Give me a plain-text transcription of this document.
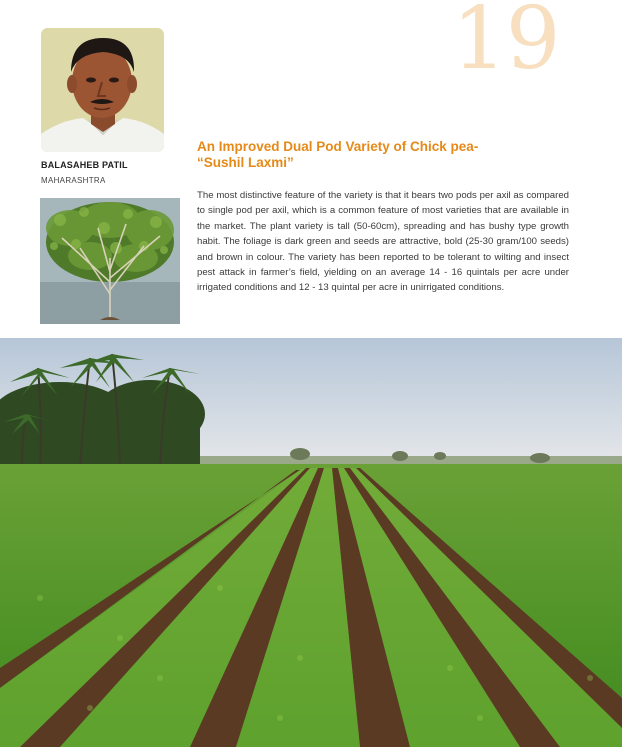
19
BALASAHEB PATIL
MAHARASHTRA
An Improved Dual Pod Variety of Chick pea-
“Sushil Laxmi”

The most distinctive feature of the variety is that it bears two pods per axil as compared to single pod per axil, which is a common feature of most varieties that are available in the market. The plant variety is tall (50-60cm), spreading and has bushy type growth habit. The foliage is dark green and seeds are attractive, bold (25-30 gram/100 seeds) and brown in colour. The variety has been reported to be tolerant to wilting and insect pest attack in farmer’s field, yielding on an average 14 - 16 quintals per acre under irrigated conditions and 12 - 13 quintal per acre in unirrigated conditions.
